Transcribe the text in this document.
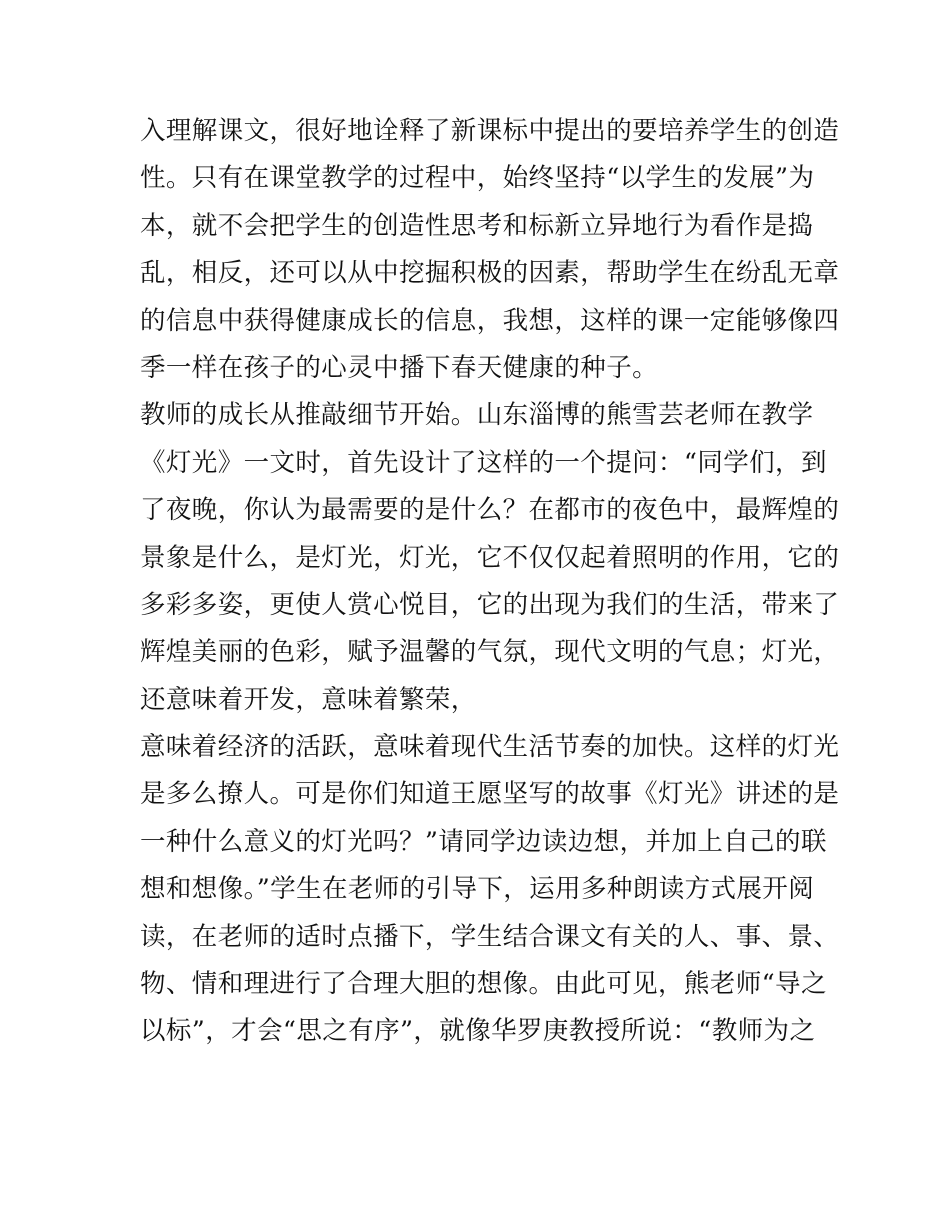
入理解课文，很好地诠释了新课标中提出的要培养学生的创造
性。只有在课堂教学的过程中，始终坚持“以学生的发展”为
本，就不会把学生的创造性思考和标新立异地行为看作是捣
乱，相反，还可以从中挖掘积极的因素，帮助学生在纷乱无章
的信息中获得健康成长的信息，我想，这样的课一定能够像四
季一样在孩子的心灵中播下春天健康的种子。
教师的成长从推敲细节开始。山东淄博的熊雪芸老师在教学
《灯光》一文时，首先设计了这样的一个提问：“同学们，到
了夜晚，你认为最需要的是什么？在都市的夜色中，最辉煌的
景象是什么，是灯光，灯光，它不仅仅起着照明的作用，它的
多彩多姿，更使人赏心悦目，它的出现为我们的生活，带来了
辉煌美丽的色彩，赋予温馨的气氛，现代文明的气息；灯光，
还意味着开发，意味着繁荣，
意味着经济的活跃，意味着现代生活节奏的加快。这样的灯光
是多么撩人。可是你们知道王愿坚写的故事《灯光》讲述的是
一种什么意义的灯光吗？”请同学边读边想，并加上自己的联
想和想像。”学生在老师的引导下，运用多种朗读方式展开阅
读，在老师的适时点播下，学生结合课文有关的人、事、景、
物、情和理进行了合理大胆的想像。由此可见，熊老师“导之
以标”，才会“思之有序”，就像华罗庚教授所说：“教师为之
